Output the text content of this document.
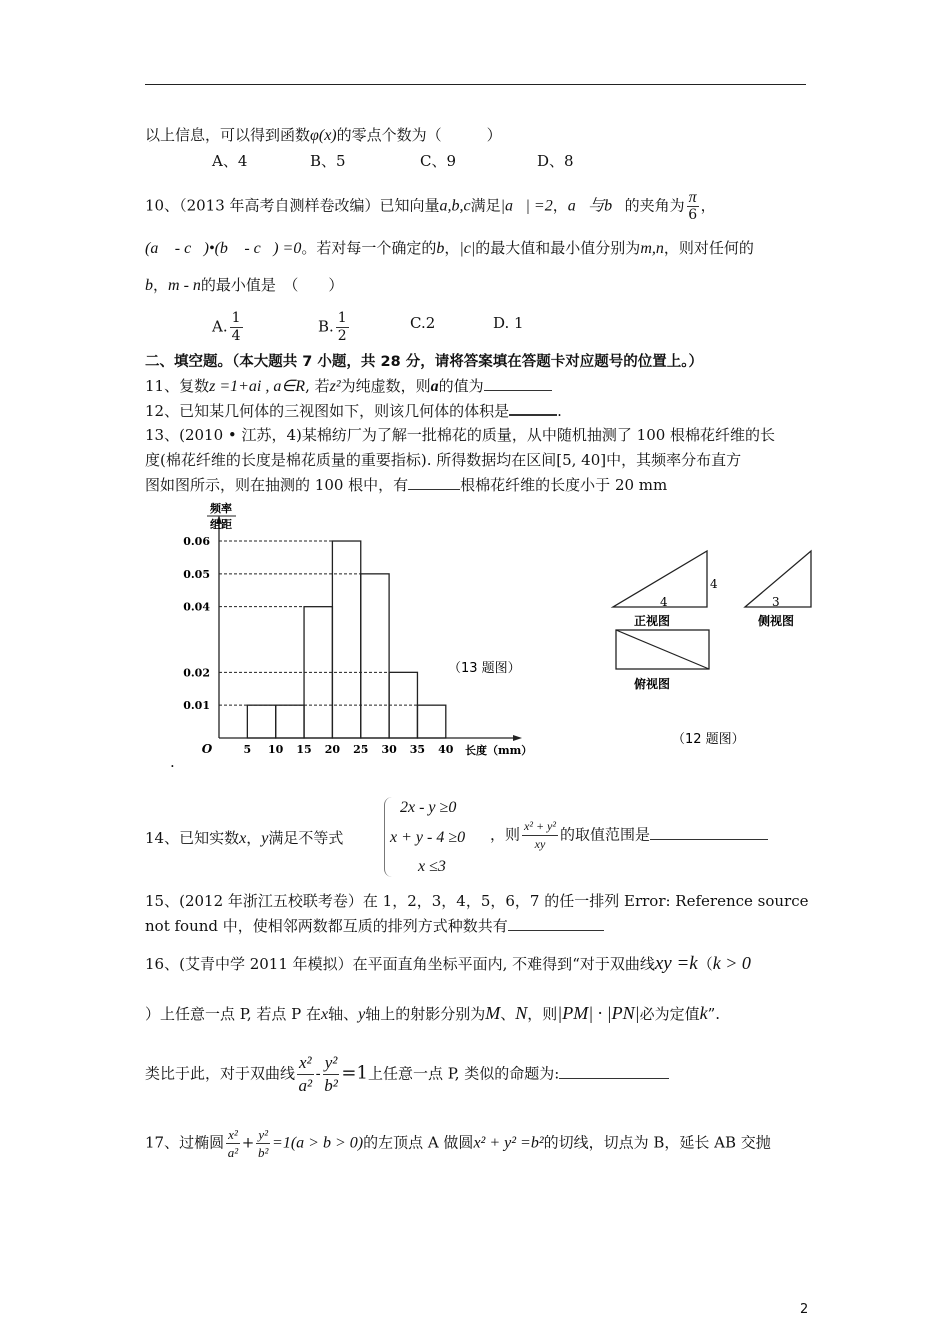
以上信息，可以得到函数φ(x)的零点个数为（　　　）
A、4	B、5	C、9	D、8
10、（2013 年高考自测样卷改编）已知向量a,b,c满足|a⃗| =2，a⃗与b⃗的夹角为 $\frac{\pi}{6}$ ，
(a⃗ - c⃗)•(b⃗ - c⃗) =0。若对每一个确定的b，|c|的最大值和最小值分别为m,n，则对任何的
b，m - n的最小值是　（　　）
A. $\frac{1}{4}$	B. $\frac{1}{2}$	C.2	D. 1
二、填空题。（本大题共 7 小题，共 28 分，请将答案填在答题卡对应题号的位置上。）
11、复数z =1+ai , a∈R, 若z²为纯虚数，则a的值为
12、已知某几何体的三视图如下，则该几何体的体积是	.
13、(2010 • 江苏，4)某棉纺厂为了解一批棉花的质量，从中随机抽测了 100 根棉花纤维的长
度(棉花纤维的长度是棉花质量的重要指标). 所得数据均在区间[5, 40]中，其频率分布直方
图如图所示，则在抽测的 100 根中，有	根棉花纤维的长度小于 20 mm
频率
组距
O	5 10 15 20 25 30 35 40
0.06
0.05
0.04
0.02
0.01
长度（mm）
（13 题图）
.
4
4
正视图
3
侧视图
俯视图
（12 题图）
14、已知实数x，y满足不等式
2x - y ≥0
x + y - 4 ≥0
x ≤3
，则 $\frac{\text{x² + y²}}{xy}$ 的取值范围是
15、(2012 年浙江五校联考卷）在 1，2，3，4，5，6，7 的任一排列 Error: Reference source
not found 中，使相邻两数都互质的排列方式种数共有
16、(艾青中学 2011 年模拟）在平面直角坐标平面内, 不难得到“对于双曲线xy =k（k > 0
）上任意一点 P, 若点 P 在x轴、y轴上的射影分别为M、N，则|PM| · |PN|必为定值k”.
类比于此，对于双曲线 $\frac{\text{x²}}{\text{a²}} - \frac{\text{y²}}{\text{b²}} =1$上任意一点 P, 类似的命题为:
17、过椭圆 $\frac{\text{x²}}{\text{a²}} + \frac{\text{y²}}{\text{b²}} =1(a > b > 0)$的左顶点 A 做圆x² + y² =b²的切线，切点为 B，延长 AB 交抛
2
